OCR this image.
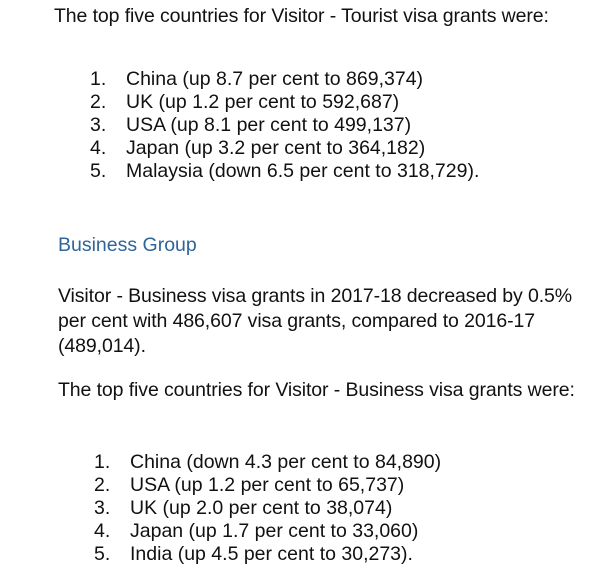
The top five countries for Visitor - Tourist visa grants were:

1.	China (up 8.7 per cent to 869,374)
2.	UK (up 1.2 per cent to 592,687)
3.	USA (up 8.1 per cent to 499,137)
4.	Japan (up 3.2 per cent to 364,182)
5.	Malaysia (down 6.5 per cent to 318,729).
Business Group

Visitor - Business visa grants in 2017-18 decreased by 0.5% per cent with 486,607 visa grants, compared to 2016-17 (489,014).

The top five countries for Visitor - Business visa grants were:

1.	China (down 4.3 per cent to 84,890)
2.	USA (up 1.2 per cent to 65,737)
3.	UK (up 2.0 per cent to 38,074)
4.	Japan (up 1.7 per cent to 33,060)
5.	India (up 4.5 per cent to 30,273).
